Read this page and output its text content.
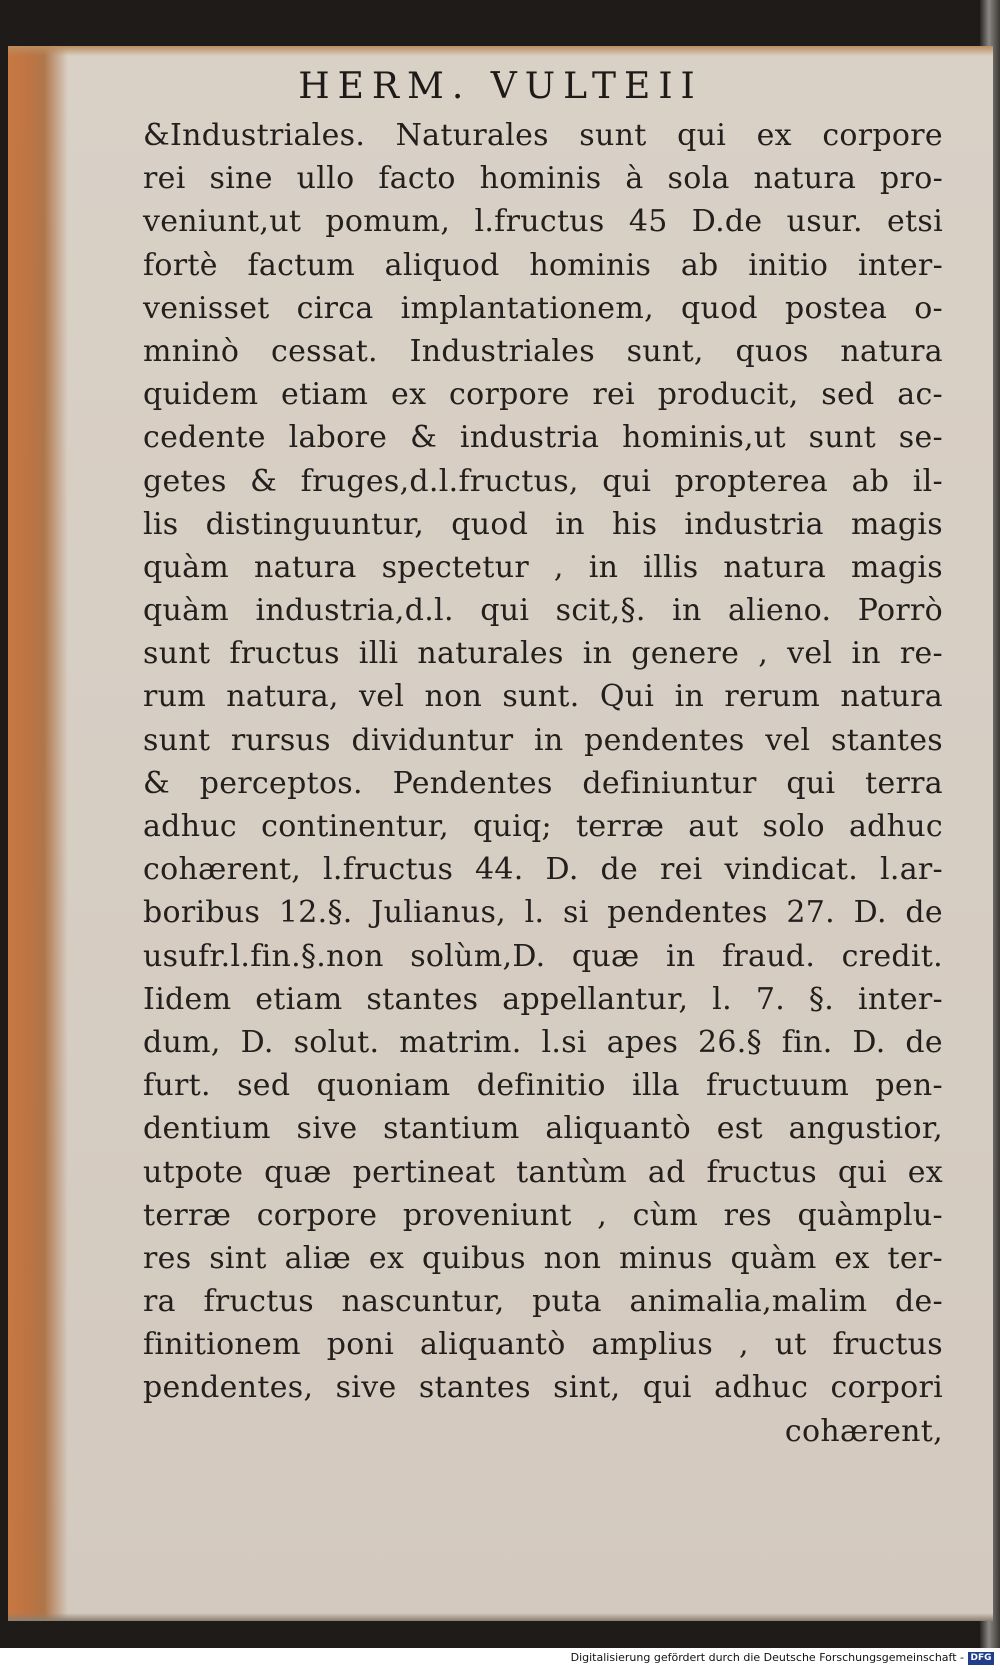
HERM. VULTEII
&Industriales. Naturales sunt qui ex corpore
rei sine ullo facto hominis à sola natura pro-
veniunt,ut pomum, l.fructus 45 D.de usur. etsi
fortè factum aliquod hominis ab initio inter-
venisset circa implantationem, quod postea o-
mninò cessat. Industriales sunt, quos natura
quidem etiam ex corpore rei producit, sed ac-
cedente labore & industria hominis,ut sunt se-
getes & fruges,d.l.fructus, qui propterea ab il-
lis distinguuntur, quod in his industria magis
quàm natura spectetur , in illis natura magis
quàm industria,d.l. qui scit,§. in alieno. Porrò
sunt fructus illi naturales in genere , vel in re-
rum natura, vel non sunt. Qui in rerum natura
sunt rursus dividuntur in pendentes vel stantes
& perceptos. Pendentes definiuntur qui terra
adhuc continentur, quiq; terræ aut solo adhuc
cohærent, l.fructus 44. D. de rei vindicat. l.ar-
boribus 12.§. Julianus, l. si pendentes 27. D. de
usufr.l.fin.§.non solùm,D. quæ in fraud. credit.
Iidem etiam stantes appellantur, l. 7. §. inter-
dum, D. solut. matrim. l.si apes 26.§ fin. D. de
furt. sed quoniam definitio illa fructuum pen-
dentium sive stantium aliquantò est angustior,
utpote quæ pertineat tantùm ad fructus qui ex
terræ corpore proveniunt , cùm res quàmplu-
res sint aliæ ex quibus non minus quàm ex ter-
ra fructus nascuntur, puta animalia,malim de-
finitionem poni aliquantò amplius , ut fructus
pendentes, sive stantes sint, qui adhuc corpori
cohærent,
Digitalisierung gefördert durch die Deutsche Forschungsgemeinschaft - DFG
